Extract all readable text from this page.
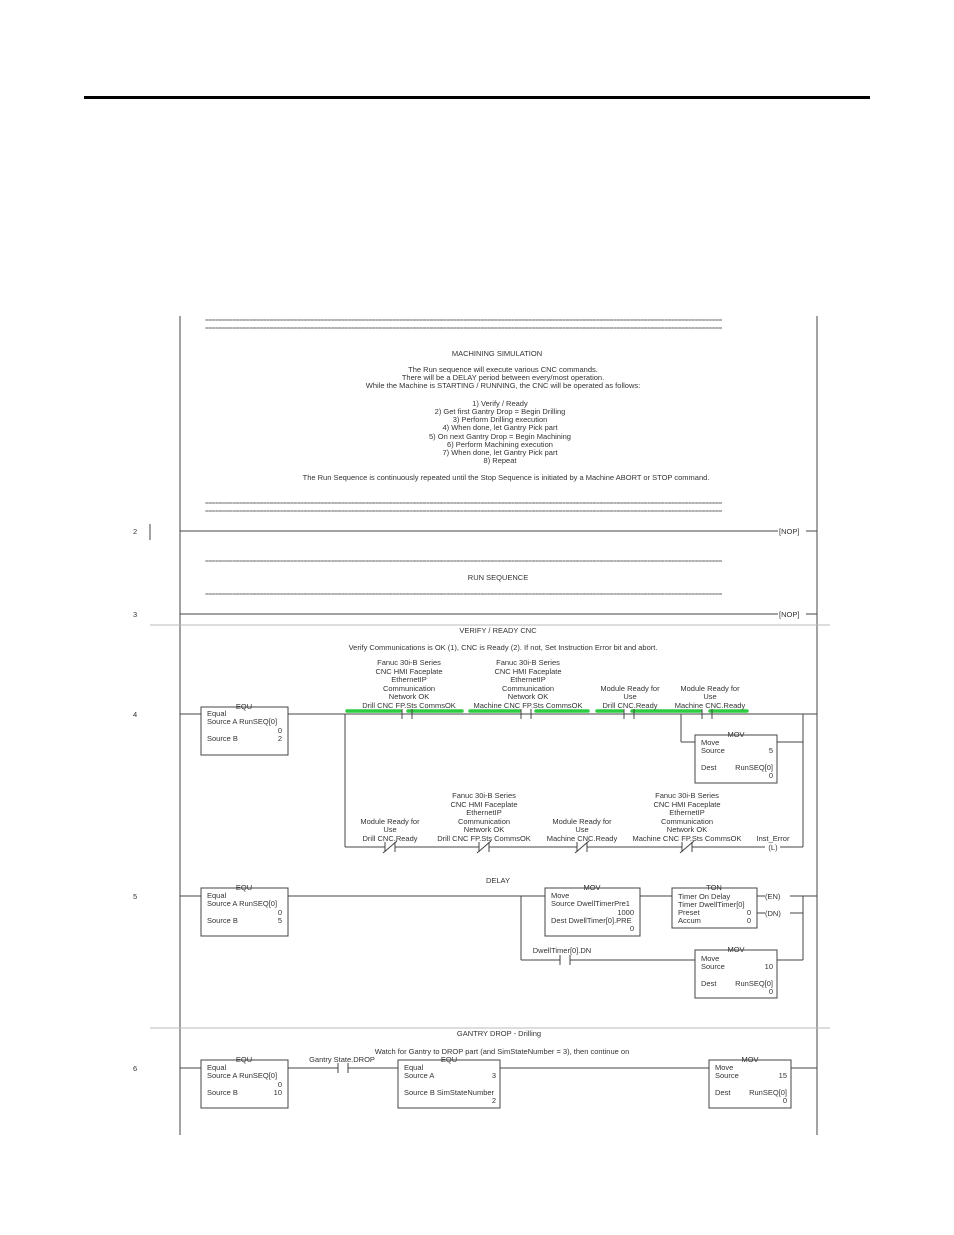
========================================================================================================================================================
========================================================================================================================================================
MACHINING SIMULATION
The Run sequence will execute various CNC commands.
There will be a DELAY period between every/most operation.
While the Machine is STARTING / RUNNING, the CNC will be operated as follows:
1) Verify / Ready
2) Get first Gantry Drop = Begin Drilling
3) Perform Drilling execution
4) When done, let Gantry Pick part
5) On next Gantry Drop = Begin Machining
6) Perform Machining execution
7) When done, let Gantry Pick part
8) Repeat
The Run Sequence is continuously repeated until the Stop Sequence is initiated by a Machine ABORT or STOP command.
========================================================================================================================================================
========================================================================================================================================================
2	[NOP]
========================================================================================================================================================
RUN SEQUENCE
========================================================================================================================================================
3	[NOP]
VERIFY / READY CNC
Verify Communications is OK (1), CNC is Ready (2). If not, Set Instruction Error bit and abort.
4
EQU
Equal
Source A RunSEQ[0]
0
Source B	2
Fanuc 30i-B Series
CNC HMI Faceplate
EthernetIP
Communication
Network OK
Drill CNC FP.Sts CommsOK
Fanuc 30i-B Series
CNC HMI Faceplate
EthernetIP
Communication
Network OK
Machine CNC FP.Sts CommsOK
Module Ready for
Use
Drill CNC.Ready
Module Ready for
Use
Machine CNC.Ready
MOV
Move
Source	5
Dest RunSEQ[0]
0
Module Ready for
Use
Drill CNC.Ready
Fanuc 30i-B Series
CNC HMI Faceplate
EthernetIP
Communication
Network OK
Drill CNC FP.Sts CommsOK
Module Ready for
Use
Machine CNC.Ready
Fanuc 30i-B Series
CNC HMI Faceplate
EthernetIP
Communication
Network OK
Machine CNC FP.Sts CommsOK Inst_Error
(L)
DELAY
5
EQU
Equal
Source A RunSEQ[0]
0
Source B	5
MOV
Move
Source DwellTimerPre1
1000
Dest DwellTimer[0].PRE
0
TON
Timer On Delay
Timer DwellTimer[0]
Preset	0
Accum	0
(EN)
(DN)
DwellTimer[0].DN	MOV
Move
Source	10
Dest RunSEQ[0]
0
GANTRY DROP - Drilling
Watch for Gantry to DROP part (and SimStateNumber = 3), then continue on
6
EQU
Equal
Source A RunSEQ[0]
0
Source B	10
Gantry State.DROP	EQU
Equal
Source A	3
Source B SimStateNumber
2
MOV
Move
Source	15
Dest RunSEQ[0]
0
